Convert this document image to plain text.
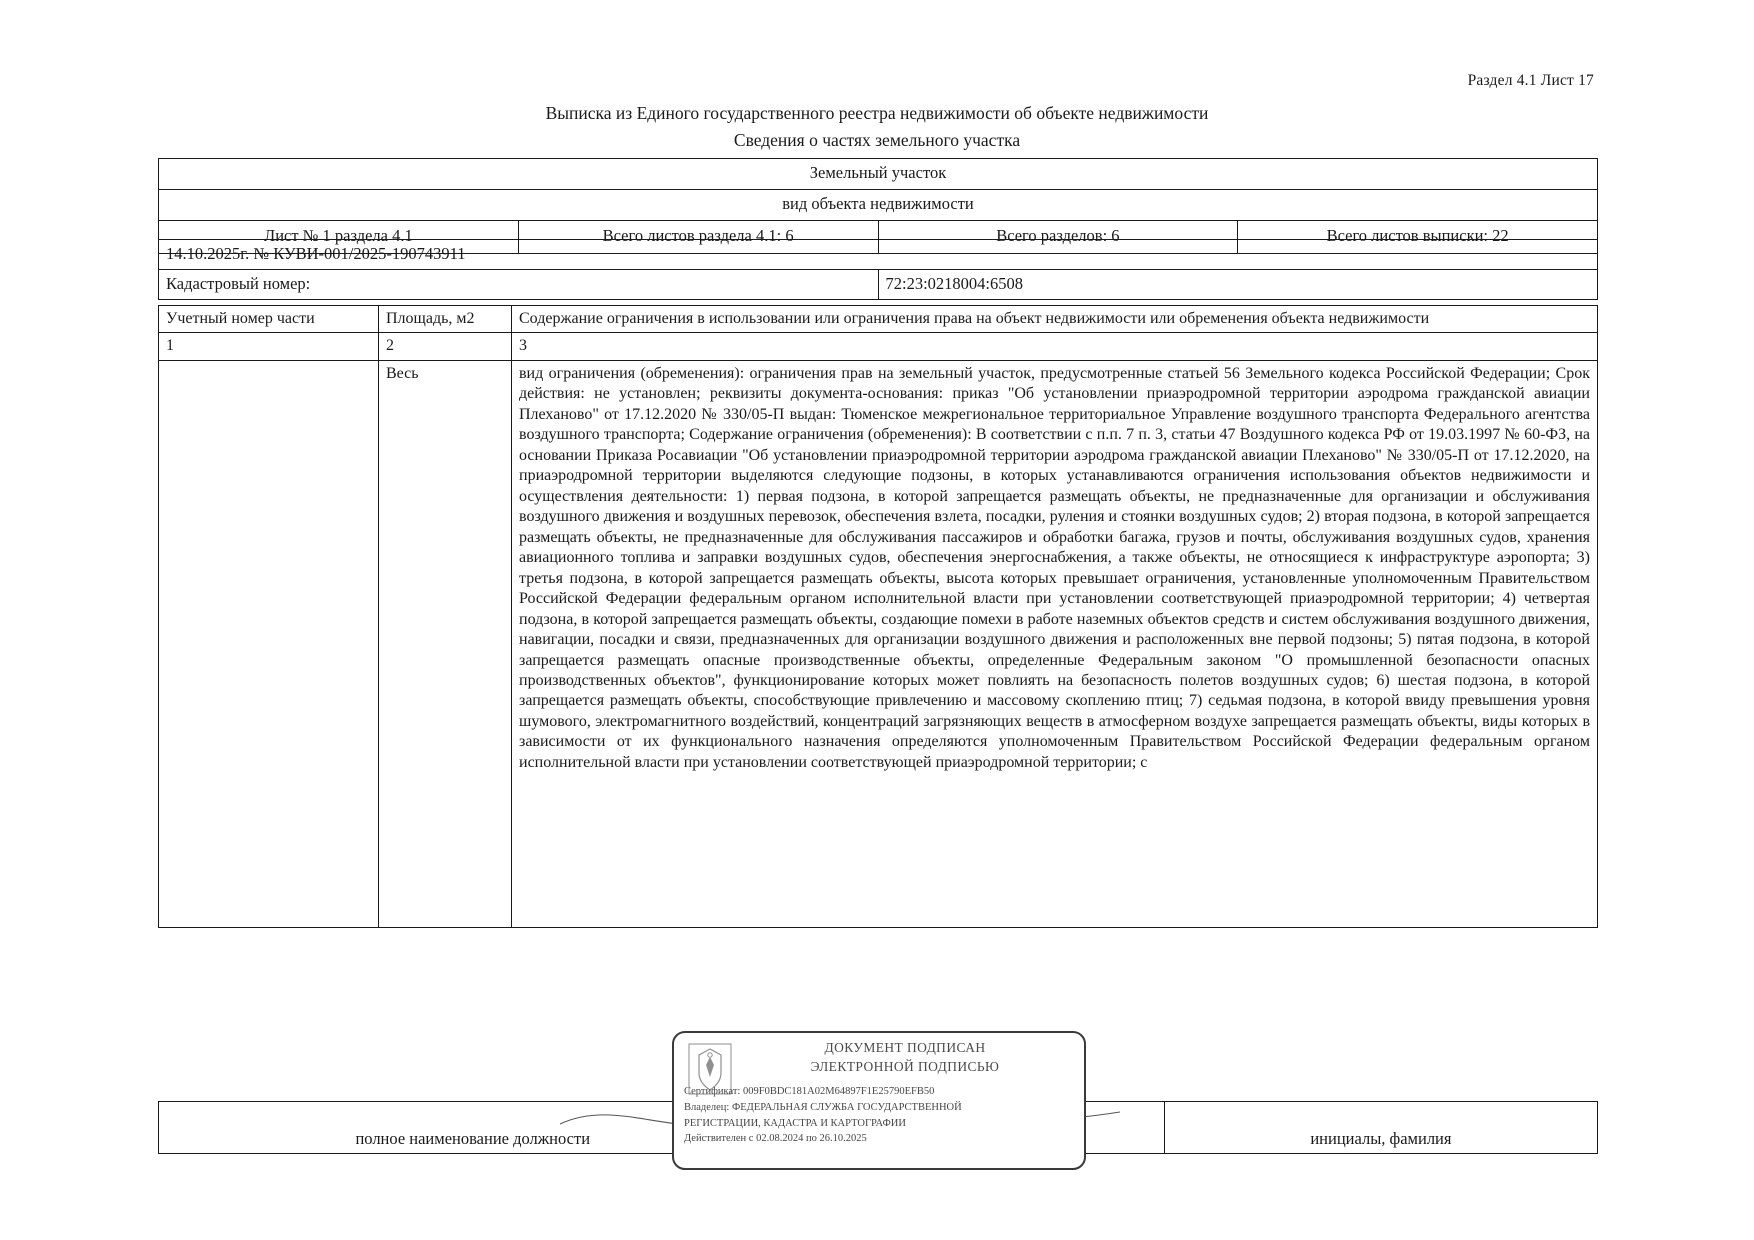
Раздел 4.1 Лист 17
Выписка из Единого государственного реестра недвижимости об объекте недвижимости
Сведения о частях земельного участка
Земельный участок
вид объекта недвижимости
Лист № 1 раздела 4.1	Всего листов раздела 4.1: 6	Всего разделов: 6	Всего листов выписки: 22
14.10.2025г. № КУВИ-001/2025-190743911
Кадастровый номер:	72:23:0218004:6508
Учетный номер части	Площадь, м2	Содержание ограничения в использовании или ограничения права на объект недвижимости или обременения объекта недвижимости
1	2	3
	Весь	вид ограничения (обременения): ограничения прав на земельный участок, предусмотренные статьей 56 Земельного кодекса Российской Федерации; Срок действия: не установлен; реквизиты документа-основания: приказ "Об установлении приаэродромной территории аэродрома гражданской авиации Плеханово" от 17.12.2020 № 330/05-П выдан: Тюменское межрегиональное территориальное Управление воздушного транспорта Федерального агентства воздушного транспорта; Содержание ограничения (обременения): В соответствии с п.п. 7 п. 3, статьи 47 Воздушного кодекса РФ от 19.03.1997 № 60-ФЗ, на основании Приказа Росавиации "Об установлении приаэродромной территории аэродрома гражданской авиации Плеханово" № 330/05-П от 17.12.2020, на приаэродромной территории выделяются следующие подзоны, в которых устанавливаются ограничения использования объектов недвижимости и осуществления деятельности: 1) первая подзона, в которой запрещается размещать объекты, не предназначенные для организации и обслуживания воздушного движения и воздушных перевозок, обеспечения взлета, посадки, руления и стоянки воздушных судов; 2) вторая подзона, в которой запрещается размещать объекты, не предназначенные для обслуживания пассажиров и обработки багажа, грузов и почты, обслуживания воздушных судов, хранения авиационного топлива и заправки воздушных судов, обеспечения энергоснабжения, а также объекты, не относящиеся к инфраструктуре аэропорта; 3) третья подзона, в которой запрещается размещать объекты, высота которых превышает ограничения, установленные уполномоченным Правительством Российской Федерации федеральным органом исполнительной власти при установлении соответствующей приаэродромной территории; 4) четвертая подзона, в которой запрещается размещать объекты, создающие помехи в работе наземных объектов средств и систем обслуживания воздушного движения, навигации, посадки и связи, предназначенных для организации воздушного движения и расположенных вне первой подзоны; 5) пятая подзона, в которой запрещается размещать опасные производственные объекты, определенные Федеральным законом "О промышленной безопасности опасных производственных объектов", функционирование которых может повлиять на безопасность полетов воздушных судов; 6) шестая подзона, в которой запрещается размещать объекты, способствующие привлечению и массовому скоплению птиц; 7) седьмая подзона, в которой ввиду превышения уровня шумового, электромагнитного воздействий, концентраций загрязняющих веществ в атмосферном воздухе запрещается размещать объекты, виды которых в зависимости от их функционального назначения определяются уполномоченным Правительством Российской Федерации федеральным органом исполнительной власти при установлении соответствующей приаэродромной территории; с
полное наименование должности		инициалы, фамилия
ДОКУМЕНТ ПОДПИСАН
ЭЛЕКТРОННОЙ ПОДПИСЬЮ
Сертификат: 009F0BDC181A02M64897F1E25790EFB50
Владелец: ФЕДЕРАЛЬНАЯ СЛУЖБА ГОСУДАРСТВЕННОЙ
РЕГИСТРАЦИИ, КАДАСТРА И КАРТОГРАФИИ
Действителен с 02.08.2024 по 26.10.2025
